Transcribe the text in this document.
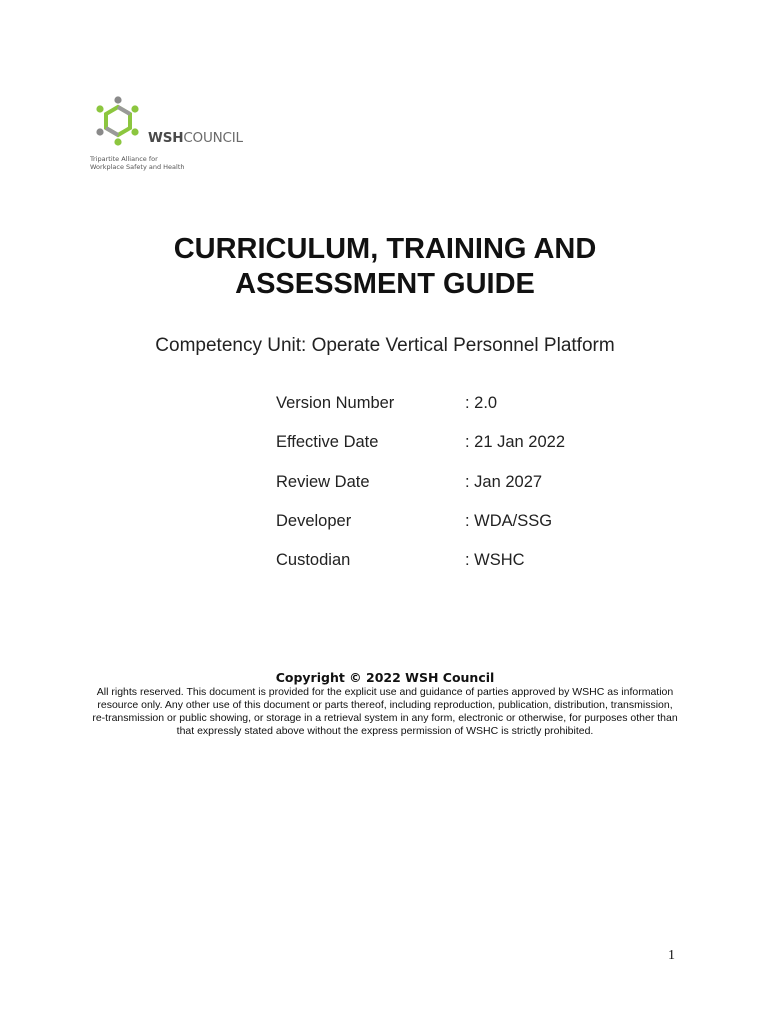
WSHCOUNCIL
Tripartite Alliance for
Workplace Safety and Health
CURRICULUM, TRAINING AND
ASSESSMENT GUIDE
Competency Unit: Operate Vertical Personnel Platform
Version Number	: 2.0
Effective Date	: 21 Jan 2022
Review Date	: Jan 2027
Developer	: WDA/SSG
Custodian	: WSHC
Copyright © 2022 WSH Council
All rights reserved. This document is provided for the explicit use and guidance of parties approved by WSHC as information resource only. Any other use of this document or parts thereof, including reproduction, publication, distribution, transmission, re-transmission or public showing, or storage in a retrieval system in any form, electronic or otherwise, for purposes other than that expressly stated above without the express permission of WSHC is strictly prohibited.
1
